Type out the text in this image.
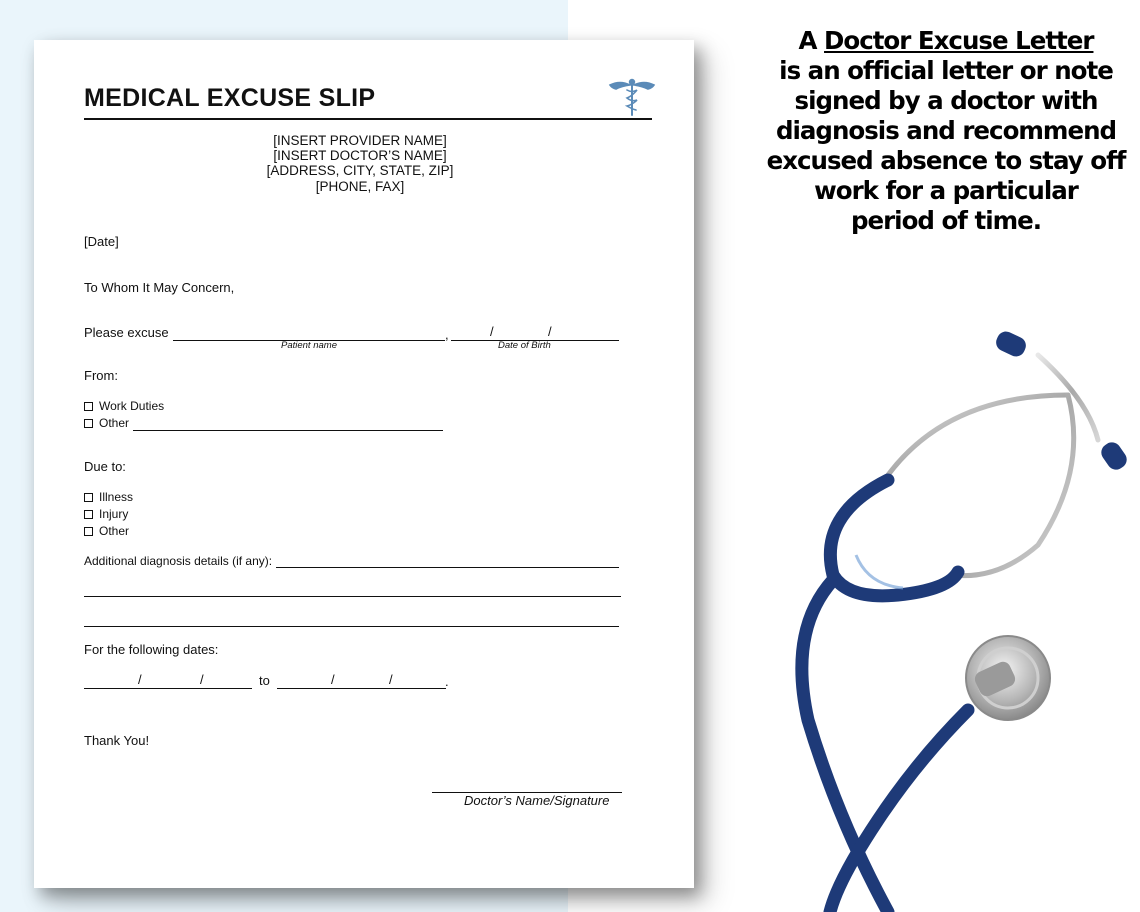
MEDICAL EXCUSE SLIP
[INSERT PROVIDER NAME]
[INSERT DOCTOR’S NAME]
[ADDRESS, CITY, STATE, ZIP]
[PHONE, FAX]
[Date]
To Whom It May Concern,
Please excuse	,	/	/
Patient name	Date of Birth
From:
Work Duties
Other
Due to:
Illness
Injury
Other
Additional diagnosis details (if any):
For the following dates:
/	/	to	/	/	.
Thank You!
Doctor’s Name/Signature
A Doctor Excuse Letter
is an official letter or note
signed by a doctor with
diagnosis and recommend
excused absence to stay off
work for a particular
period of time.
